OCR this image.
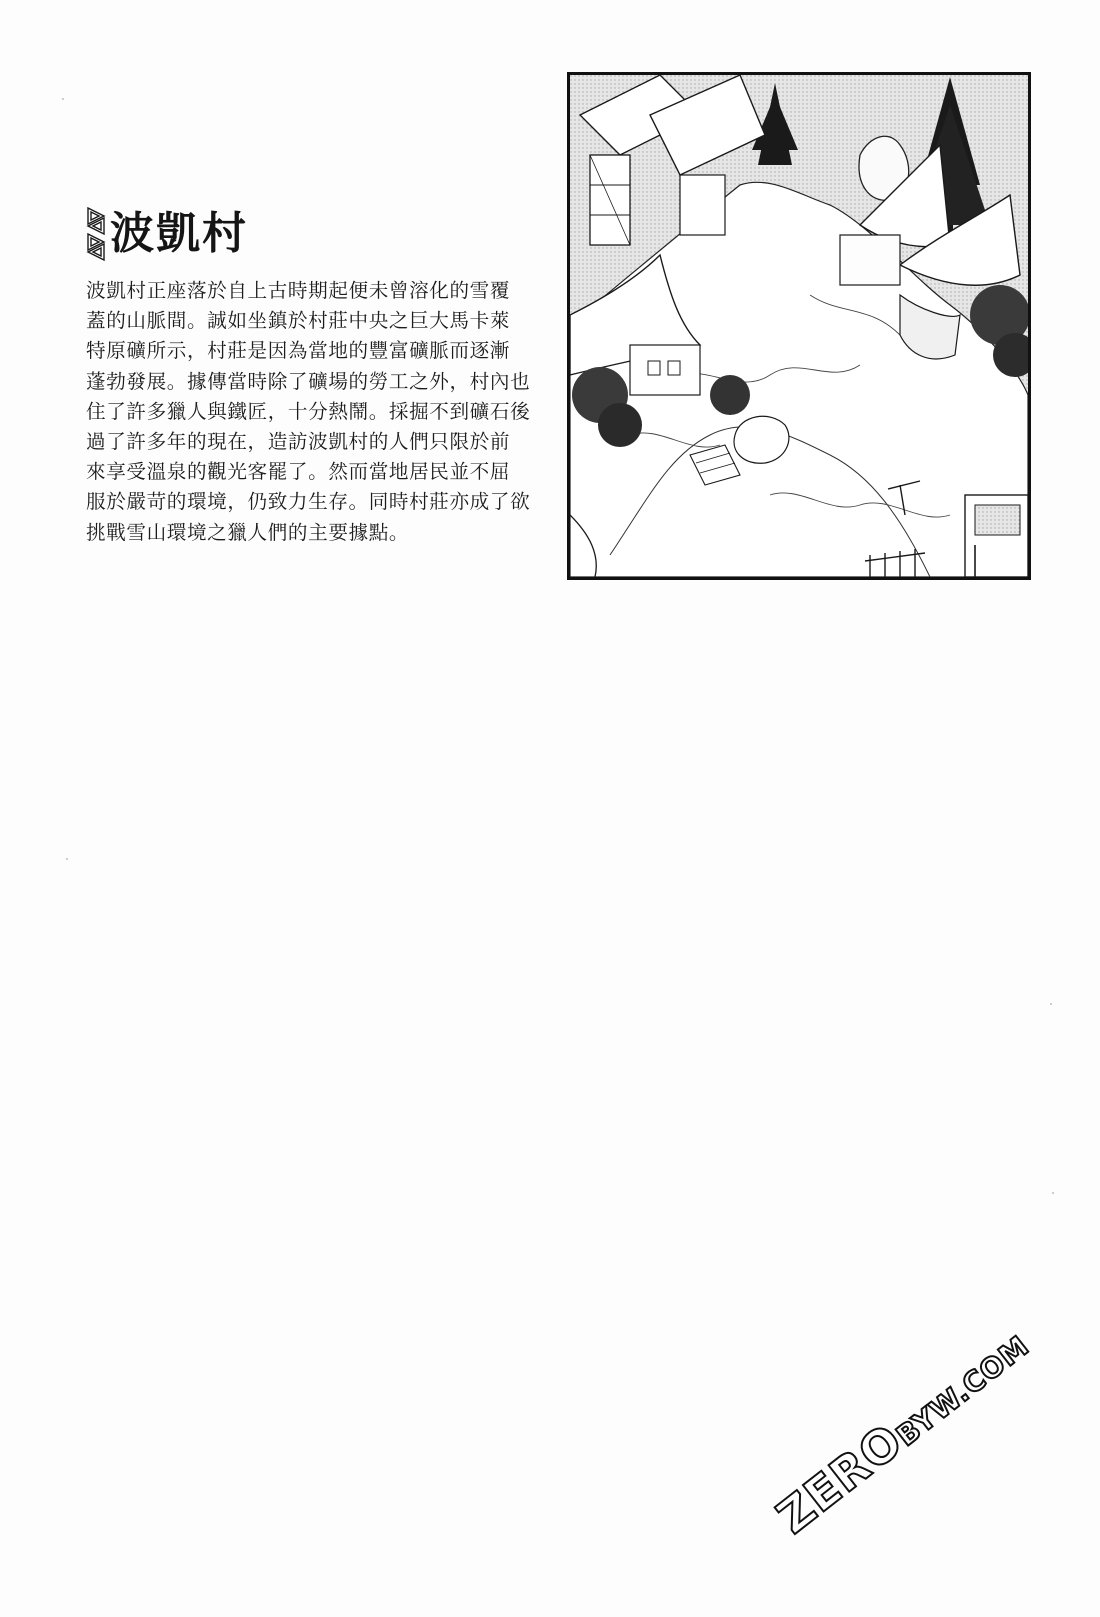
波凱村
波凱村正座落於自上古時期起便未曾溶化的雪覆
蓋的山脈間。誠如坐鎮於村莊中央之巨大馬卡萊
特原礦所示，村莊是因為當地的豐富礦脈而逐漸
蓬勃發展。據傳當時除了礦場的勞工之外，村內也
住了許多獵人與鐵匠，十分熱鬧。採掘不到礦石後
過了許多年的現在，造訪波凱村的人們只限於前
來享受溫泉的觀光客罷了。然而當地居民並不屈
服於嚴苛的環境，仍致力生存。同時村莊亦成了欲
挑戰雪山環境之獵人們的主要據點。
ZEROBYW.COM
